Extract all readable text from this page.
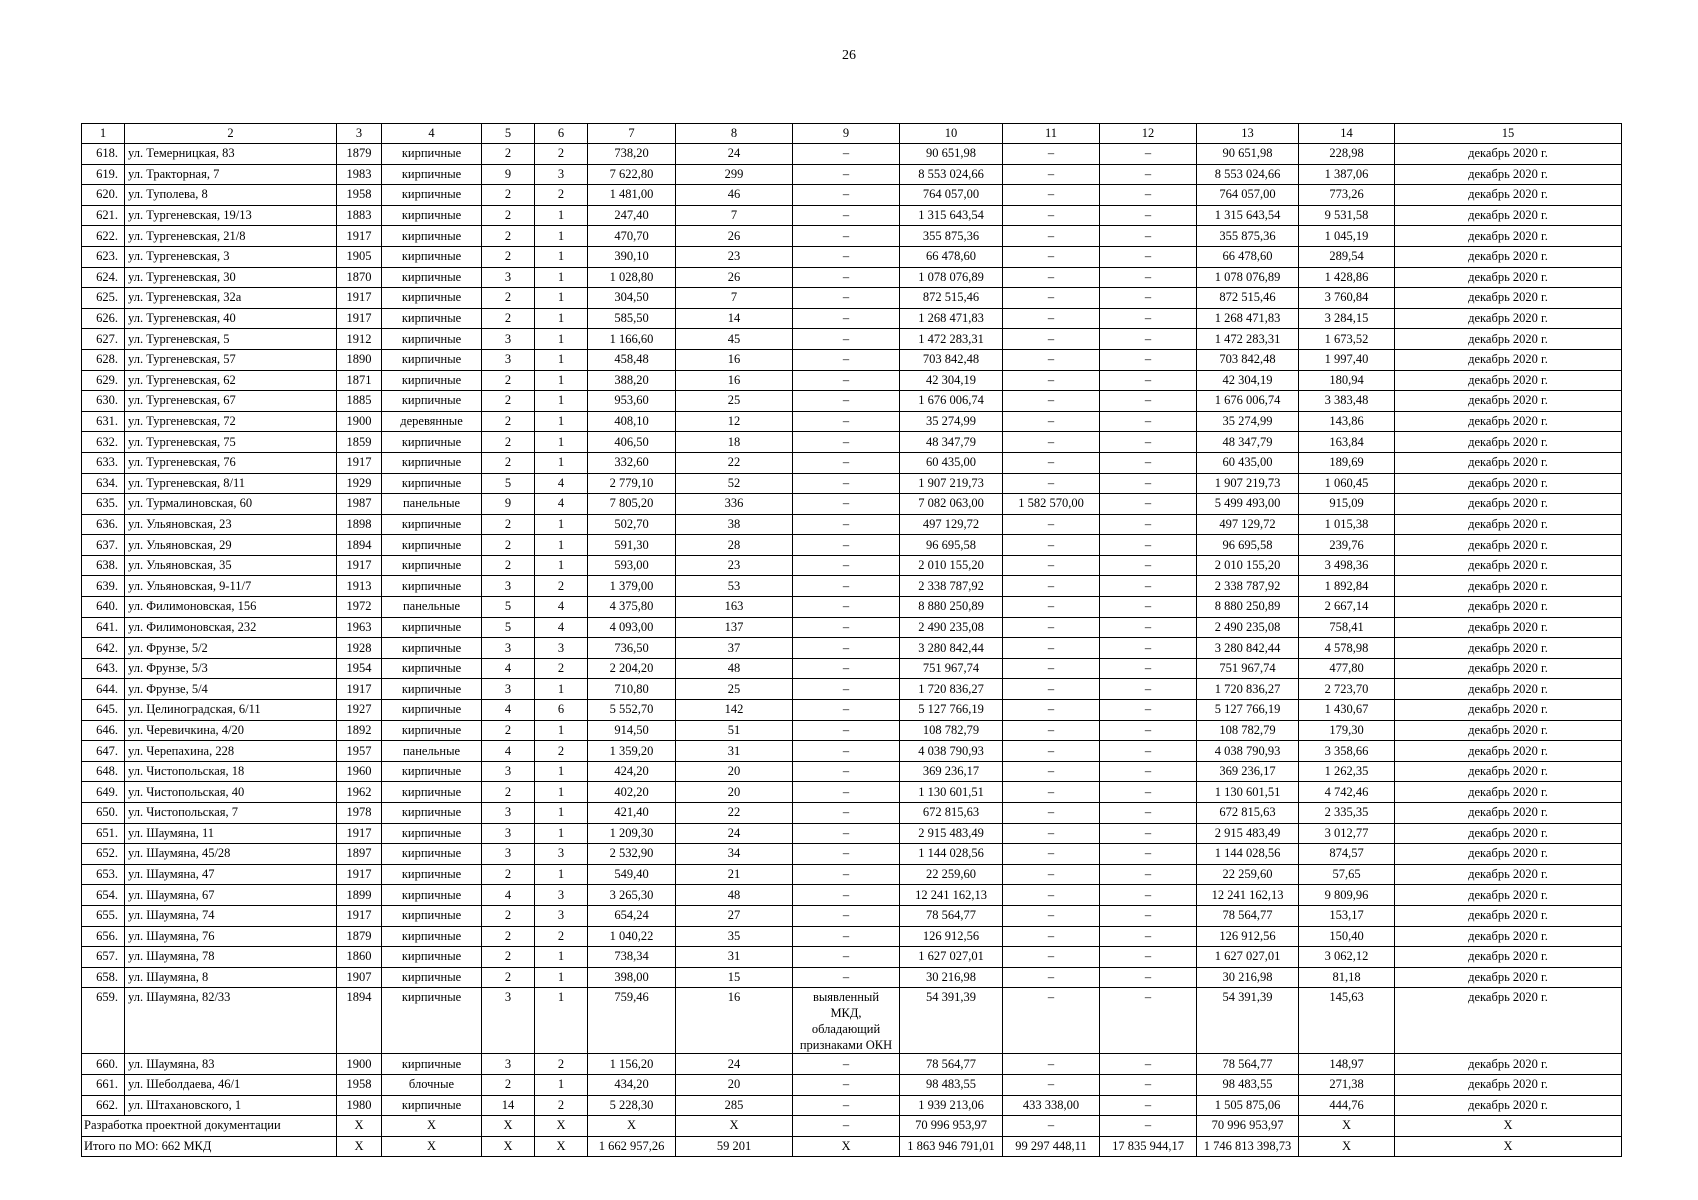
26
1	2	3	4	5	6	7	8	9	10	11	12	13	14	15
618.	ул. Темерницкая, 83	1879	кирпичные	2	2	738,20	24	–	90 651,98	–	–	90 651,98	228,98	декабрь 2020 г.
619.	ул. Тракторная, 7	1983	кирпичные	9	3	7 622,80	299	–	8 553 024,66	–	–	8 553 024,66	1 387,06	декабрь 2020 г.
620.	ул. Туполева, 8	1958	кирпичные	2	2	1 481,00	46	–	764 057,00	–	–	764 057,00	773,26	декабрь 2020 г.
621.	ул. Тургеневская, 19/13	1883	кирпичные	2	1	247,40	7	–	1 315 643,54	–	–	1 315 643,54	9 531,58	декабрь 2020 г.
622.	ул. Тургеневская, 21/8	1917	кирпичные	2	1	470,70	26	–	355 875,36	–	–	355 875,36	1 045,19	декабрь 2020 г.
623.	ул. Тургеневская, 3	1905	кирпичные	2	1	390,10	23	–	66 478,60	–	–	66 478,60	289,54	декабрь 2020 г.
624.	ул. Тургеневская, 30	1870	кирпичные	3	1	1 028,80	26	–	1 078 076,89	–	–	1 078 076,89	1 428,86	декабрь 2020 г.
625.	ул. Тургеневская, 32а	1917	кирпичные	2	1	304,50	7	–	872 515,46	–	–	872 515,46	3 760,84	декабрь 2020 г.
626.	ул. Тургеневская, 40	1917	кирпичные	2	1	585,50	14	–	1 268 471,83	–	–	1 268 471,83	3 284,15	декабрь 2020 г.
627.	ул. Тургеневская, 5	1912	кирпичные	3	1	1 166,60	45	–	1 472 283,31	–	–	1 472 283,31	1 673,52	декабрь 2020 г.
628.	ул. Тургеневская, 57	1890	кирпичные	3	1	458,48	16	–	703 842,48	–	–	703 842,48	1 997,40	декабрь 2020 г.
629.	ул. Тургеневская, 62	1871	кирпичные	2	1	388,20	16	–	42 304,19	–	–	42 304,19	180,94	декабрь 2020 г.
630.	ул. Тургеневская, 67	1885	кирпичные	2	1	953,60	25	–	1 676 006,74	–	–	1 676 006,74	3 383,48	декабрь 2020 г.
631.	ул. Тургеневская, 72	1900	деревянные	2	1	408,10	12	–	35 274,99	–	–	35 274,99	143,86	декабрь 2020 г.
632.	ул. Тургеневская, 75	1859	кирпичные	2	1	406,50	18	–	48 347,79	–	–	48 347,79	163,84	декабрь 2020 г.
633.	ул. Тургеневская, 76	1917	кирпичные	2	1	332,60	22	–	60 435,00	–	–	60 435,00	189,69	декабрь 2020 г.
634.	ул. Тургеневская, 8/11	1929	кирпичные	5	4	2 779,10	52	–	1 907 219,73	–	–	1 907 219,73	1 060,45	декабрь 2020 г.
635.	ул. Турмалиновская, 60	1987	панельные	9	4	7 805,20	336	–	7 082 063,00	1 582 570,00	–	5 499 493,00	915,09	декабрь 2020 г.
636.	ул. Ульяновская, 23	1898	кирпичные	2	1	502,70	38	–	497 129,72	–	–	497 129,72	1 015,38	декабрь 2020 г.
637.	ул. Ульяновская, 29	1894	кирпичные	2	1	591,30	28	–	96 695,58	–	–	96 695,58	239,76	декабрь 2020 г.
638.	ул. Ульяновская, 35	1917	кирпичные	2	1	593,00	23	–	2 010 155,20	–	–	2 010 155,20	3 498,36	декабрь 2020 г.
639.	ул. Ульяновская, 9-11/7	1913	кирпичные	3	2	1 379,00	53	–	2 338 787,92	–	–	2 338 787,92	1 892,84	декабрь 2020 г.
640.	ул. Филимоновская, 156	1972	панельные	5	4	4 375,80	163	–	8 880 250,89	–	–	8 880 250,89	2 667,14	декабрь 2020 г.
641.	ул. Филимоновская, 232	1963	кирпичные	5	4	4 093,00	137	–	2 490 235,08	–	–	2 490 235,08	758,41	декабрь 2020 г.
642.	ул. Фрунзе, 5/2	1928	кирпичные	3	3	736,50	37	–	3 280 842,44	–	–	3 280 842,44	4 578,98	декабрь 2020 г.
643.	ул. Фрунзе, 5/3	1954	кирпичные	4	2	2 204,20	48	–	751 967,74	–	–	751 967,74	477,80	декабрь 2020 г.
644.	ул. Фрунзе, 5/4	1917	кирпичные	3	1	710,80	25	–	1 720 836,27	–	–	1 720 836,27	2 723,70	декабрь 2020 г.
645.	ул. Целиноградская, 6/11	1927	кирпичные	4	6	5 552,70	142	–	5 127 766,19	–	–	5 127 766,19	1 430,67	декабрь 2020 г.
646.	ул. Черевичкина, 4/20	1892	кирпичные	2	1	914,50	51	–	108 782,79	–	–	108 782,79	179,30	декабрь 2020 г.
647.	ул. Черепахина, 228	1957	панельные	4	2	1 359,20	31	–	4 038 790,93	–	–	4 038 790,93	3 358,66	декабрь 2020 г.
648.	ул. Чистопольская, 18	1960	кирпичные	3	1	424,20	20	–	369 236,17	–	–	369 236,17	1 262,35	декабрь 2020 г.
649.	ул. Чистопольская, 40	1962	кирпичные	2	1	402,20	20	–	1 130 601,51	–	–	1 130 601,51	4 742,46	декабрь 2020 г.
650.	ул. Чистопольская, 7	1978	кирпичные	3	1	421,40	22	–	672 815,63	–	–	672 815,63	2 335,35	декабрь 2020 г.
651.	ул. Шаумяна, 11	1917	кирпичные	3	1	1 209,30	24	–	2 915 483,49	–	–	2 915 483,49	3 012,77	декабрь 2020 г.
652.	ул. Шаумяна, 45/28	1897	кирпичные	3	3	2 532,90	34	–	1 144 028,56	–	–	1 144 028,56	874,57	декабрь 2020 г.
653.	ул. Шаумяна, 47	1917	кирпичные	2	1	549,40	21	–	22 259,60	–	–	22 259,60	57,65	декабрь 2020 г.
654.	ул. Шаумяна, 67	1899	кирпичные	4	3	3 265,30	48	–	12 241 162,13	–	–	12 241 162,13	9 809,96	декабрь 2020 г.
655.	ул. Шаумяна, 74	1917	кирпичные	2	3	654,24	27	–	78 564,77	–	–	78 564,77	153,17	декабрь 2020 г.
656.	ул. Шаумяна, 76	1879	кирпичные	2	2	1 040,22	35	–	126 912,56	–	–	126 912,56	150,40	декабрь 2020 г.
657.	ул. Шаумяна, 78	1860	кирпичные	2	1	738,34	31	–	1 627 027,01	–	–	1 627 027,01	3 062,12	декабрь 2020 г.
658.	ул. Шаумяна, 8	1907	кирпичные	2	1	398,00	15	–	30 216,98	–	–	30 216,98	81,18	декабрь 2020 г.
659.	ул. Шаумяна, 82/33	1894	кирпичные	3	1	759,46	16	выявленный МКД, обладающий признаками ОКН	54 391,39	–	–	54 391,39	145,63	декабрь 2020 г.
660.	ул. Шаумяна, 83	1900	кирпичные	3	2	1 156,20	24	–	78 564,77	–	–	78 564,77	148,97	декабрь 2020 г.
661.	ул. Шеболдаева, 46/1	1958	блочные	2	1	434,20	20	–	98 483,55	–	–	98 483,55	271,38	декабрь 2020 г.
662.	ул. Штахановского, 1	1980	кирпичные	14	2	5 228,30	285	–	1 939 213,06	433 338,00	–	1 505 875,06	444,76	декабрь 2020 г.
Разработка проектной документации		X	X	X	X	X	X	–	70 996 953,97	–	–	70 996 953,97	X	X
Итого по МО: 662 МКД		X	X	X	X	1 662 957,26	59 201	X	1 863 946 791,01	99 297 448,11	17 835 944,17	1 746 813 398,73	X	X
